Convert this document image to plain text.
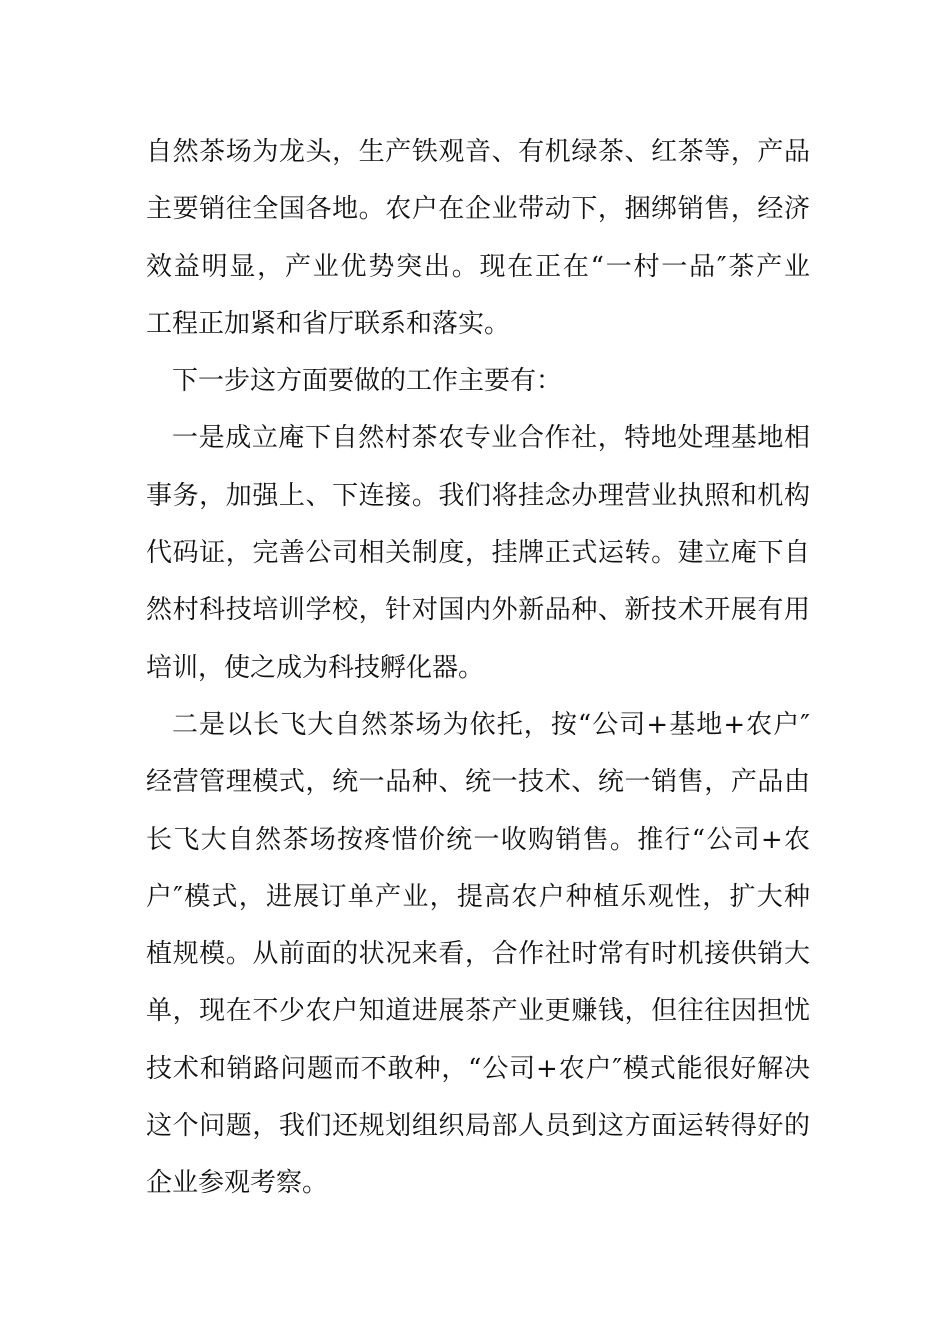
自然茶场为龙头，生产铁观音、有机绿茶、红茶等，产品
主要销往全国各地。农户在企业带动下，捆绑销售，经济
效益明显，产业优势突出。现在正在“一村一品″茶产业
工程正加紧和省厅联系和落实。
下一步这方面要做的工作主要有：
一是成立庵下自然村茶农专业合作社，特地处理基地相
事务，加强上、下连接。我们将挂念办理营业执照和机构
代码证，完善公司相关制度，挂牌正式运转。建立庵下自
然村科技培训学校，针对国内外新品种、新技术开展有用
培训，使之成为科技孵化器。
二是以长飞大自然茶场为依托，按“公司+基地+农户″
经营管理模式，统一品种、统一技术、统一销售，产品由
长飞大自然茶场按疼惜价统一收购销售。推行“公司+农
户″模式，进展订单产业，提高农户种植乐观性，扩大种
植规模。从前面的状况来看，合作社时常有时机接供销大
单，现在不少农户知道进展茶产业更赚钱，但往往因担忧
技术和销路问题而不敢种，“公司+农户″模式能很好解决
这个问题，我们还规划组织局部人员到这方面运转得好的
企业参观考察。
